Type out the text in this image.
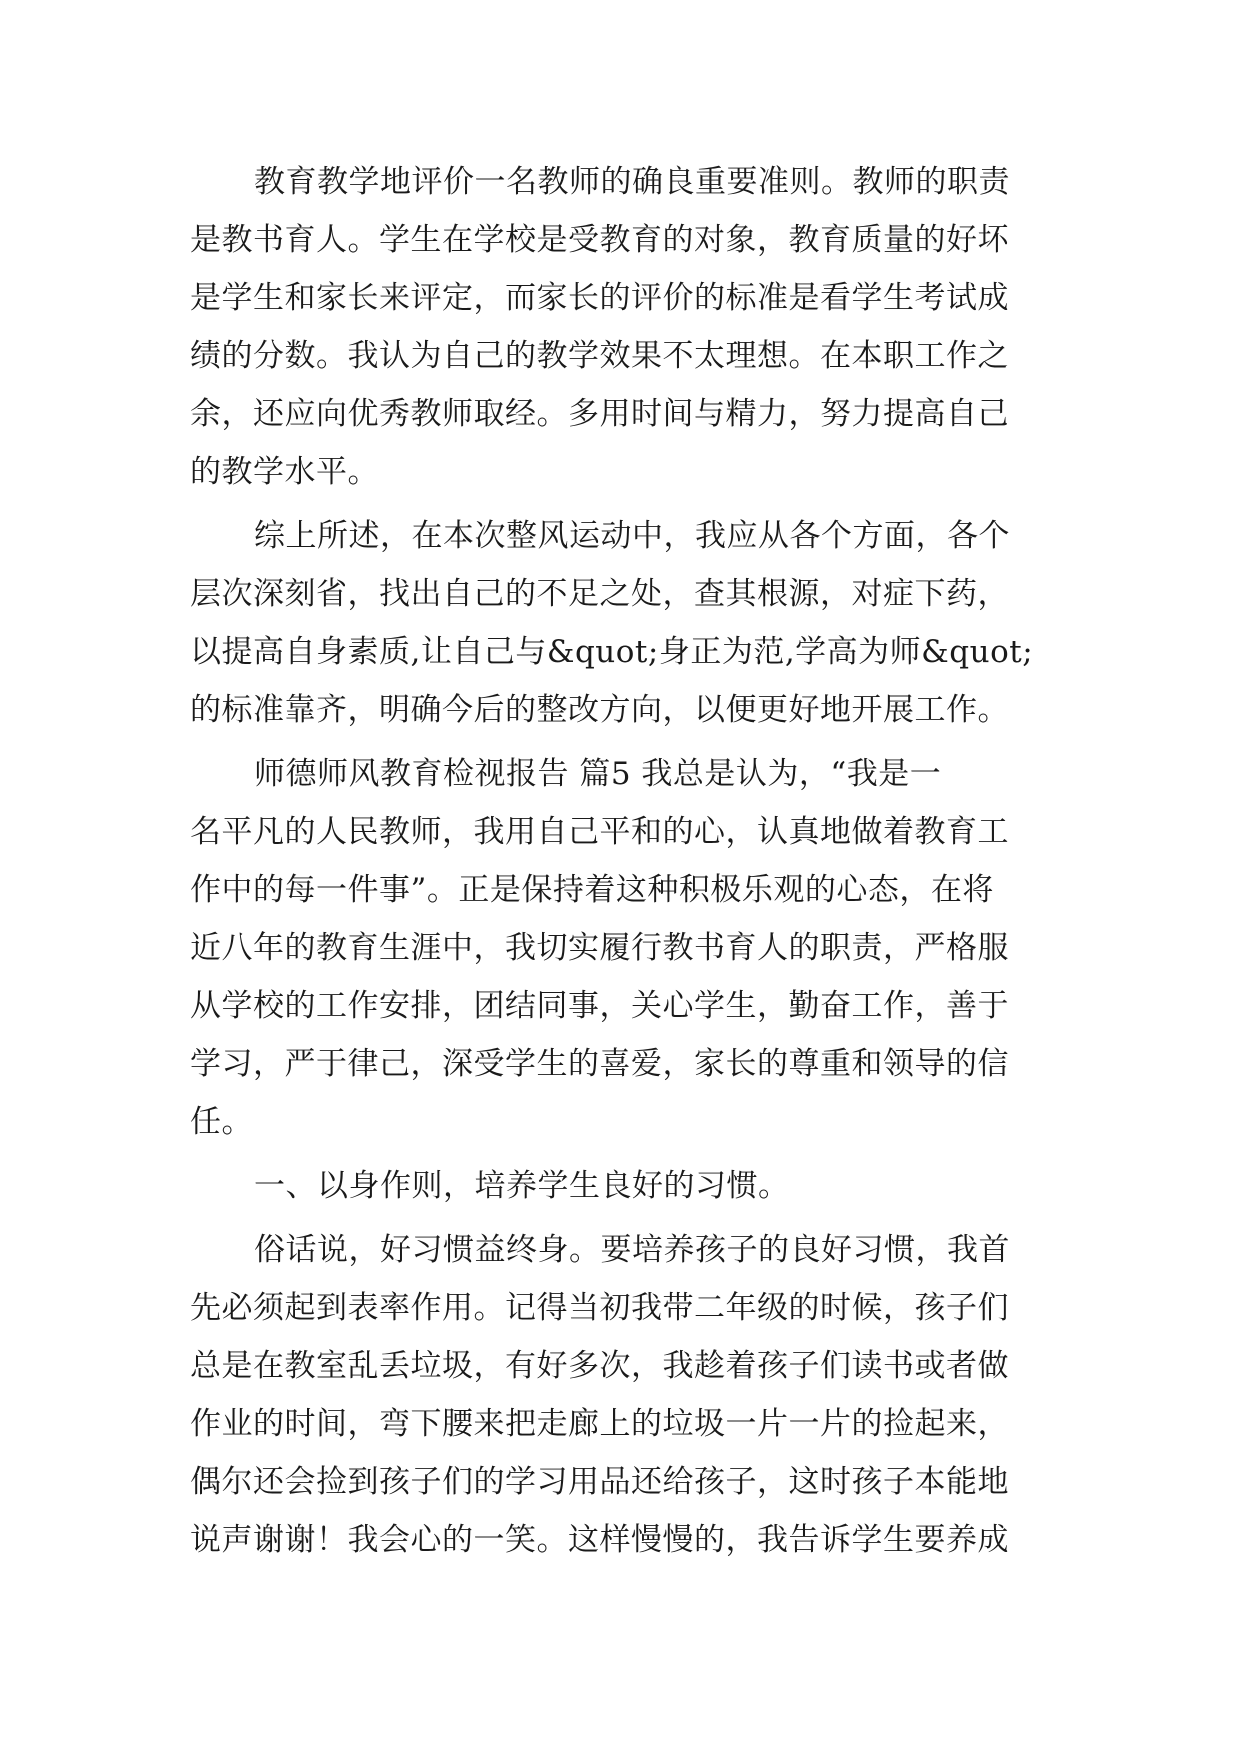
教育教学地评价一名教师的确良重要准则。教师的职责
是教书育人。学生在学校是受教育的对象，教育质量的好坏
是学生和家长来评定，而家长的评价的标准是看学生考试成
绩的分数。我认为自己的教学效果不太理想。在本职工作之
余，还应向优秀教师取经。多用时间与精力，努力提高自己
的教学水平。
综上所述，在本次整风运动中，我应从各个方面，各个
层次深刻省，找出自己的不足之处，查其根源，对症下药，
以提高自身素质,让自己与&quot;身正为范,学高为师&quot;
的标准靠齐，明确今后的整改方向，以便更好地开展工作。
师德师风教育检视报告 篇5 我总是认为，“我是一
名平凡的人民教师，我用自己平和的心，认真地做着教育工
作中的每一件事”。正是保持着这种积极乐观的心态，在将
近八年的教育生涯中，我切实履行教书育人的职责，严格服
从学校的工作安排，团结同事，关心学生，勤奋工作，善于
学习，严于律己，深受学生的喜爱，家长的尊重和领导的信
任。
一、以身作则，培养学生良好的习惯。
俗话说，好习惯益终身。要培养孩子的良好习惯，我首
先必须起到表率作用。记得当初我带二年级的时候，孩子们
总是在教室乱丢垃圾，有好多次，我趁着孩子们读书或者做
作业的时间，弯下腰来把走廊上的垃圾一片一片的捡起来，
偶尔还会捡到孩子们的学习用品还给孩子，这时孩子本能地
说声谢谢！我会心的一笑。这样慢慢的，我告诉学生要养成
